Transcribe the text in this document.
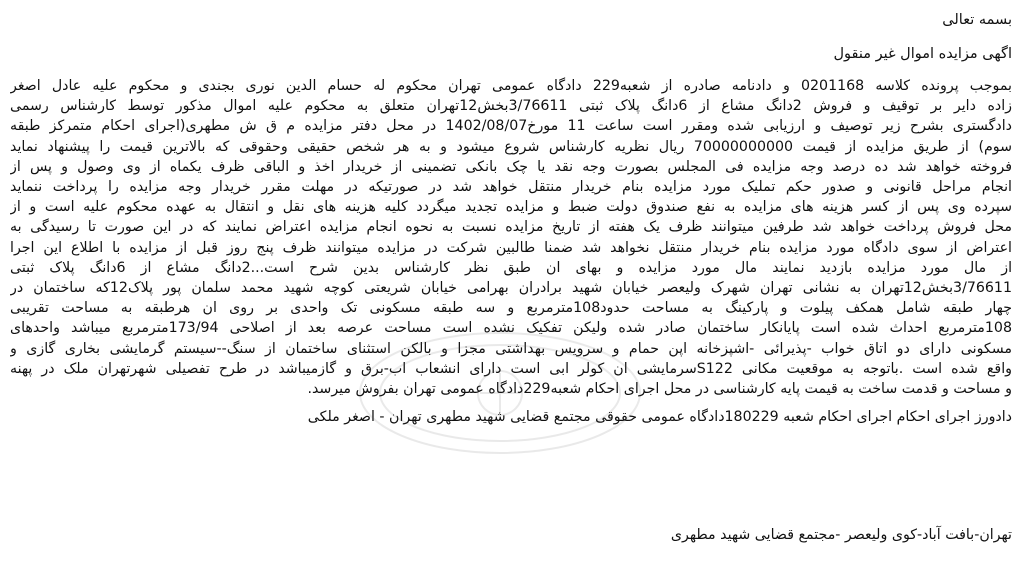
بسمه تعالی
اگهی مزایده اموال غیر منقول
بموجب پرونده کلاسه 0201168 و دادنامه صادره از شعبه229 دادگاه عمومی تهران محکوم له حسام الدین نوری بجندی و محکوم علیه عادل اصغر
زاده دایر بر توقیف و فروش 2دانگ مشاع از 6دانگ پلاک ثبتی 3/76611بخش12تهران متعلق به محکوم علیه اموال مذکور توسط کارشناس رسمی
دادگستری بشرح زیر توصیف و ارزیابی شده ومقرر است ساعت 11 مورخ1402/08/07 در محل دفتر مزایده م ق ش مطهری(اجرای احکام متمرکز طبقه
سوم) از طریق مزایده از قیمت 70000000000 ریال نظریه کارشناس شروع میشود و به هر شخص حقیقی وحقوقی که بالاترین قیمت را پیشنهاد نماید
فروخته خواهد شد ده درصد وجه مزایده فی المجلس بصورت وجه نقد یا چک بانکی تضمینی از خریدار اخذ و الباقی ظرف یکماه از وی وصول و پس از
انجام مراحل قانونی و صدور حکم تملیک مورد مزایده بنام خریدار منتقل خواهد شد در صورتیکه در مهلت مقرر خریدار وجه مزایده را پرداخت ننماید
سپرده وی پس از کسر هزینه های مزایده به نفع صندوق دولت ضبط و مزایده تجدید میگردد کلیه هزینه های نقل و انتقال به عهده محکوم علیه است و از
محل فروش پرداخت خواهد شد طرفین میتوانند ظرف یک هفته از تاریخ مزایده نسبت به نحوه انجام مزایده اعتراض نمایند که در این صورت تا رسیدگی به
اعتراض از سوی دادگاه مورد مزایده بنام خریدار منتقل نخواهد شد ضمنا طالبین شرکت در مزایده میتوانند ظرف پنج روز قبل از مزایده با اطلاع این اجرا
از مال مورد مزایده بازدید نمایند مال مورد مزایده و بهای ان طبق نظر کارشناس بدین شرح است...2دانگ مشاع از 6دانگ پلاک ثبتی
3/76611بخش12تهران به نشانی تهران شهرک ولیعصر خیابان شهید برادران بهرامی خیابان شریعتی کوچه شهید محمد سلمان پور پلاک12که ساختمان در
چهار طبقه شامل همکف پیلوت و پارکینگ به مساحت حدود108مترمربع و سه طبقه مسکونی تک واحدی بر روی ان هرطبقه به مساحت تقریبی
108مترمربع احداث شده است پایانکار ساختمان صادر شده ولیکن تفکیک نشده است مساحت عرصه بعد از اصلاحی 173/94مترمربع میباشد واحدهای
مسکونی دارای دو اتاق خواب -پذیرائی -اشپزخانه اپن حمام و سرویس بهداشتی مجزا و بالکن استثنای ساختمان از سنگ--سیستم گرمایشی بخاری گازی و
واقع شده است .باتوجه به موقعیت مکانی S122سرمایشی ان کولر ابی است دارای انشعاب اب-برق و گازمیباشد در طرح تفصیلی شهرتهران ملک در پهنه
و مساحت و قدمت ساخت به قیمت پایه کارشناسی در محل اجرای احکام شعبه229دادگاه عمومی تهران بفروش میرسد.
دادورز اجرای احکام اجرای احکام شعبه 180229دادگاه عمومی حقوقی مجتمع قضایی شهید مطهری تهران - اصغر ملکی
تهران-بافت آباد-کوی ولیعصر -مجتمع قضایی شهید مطهری
